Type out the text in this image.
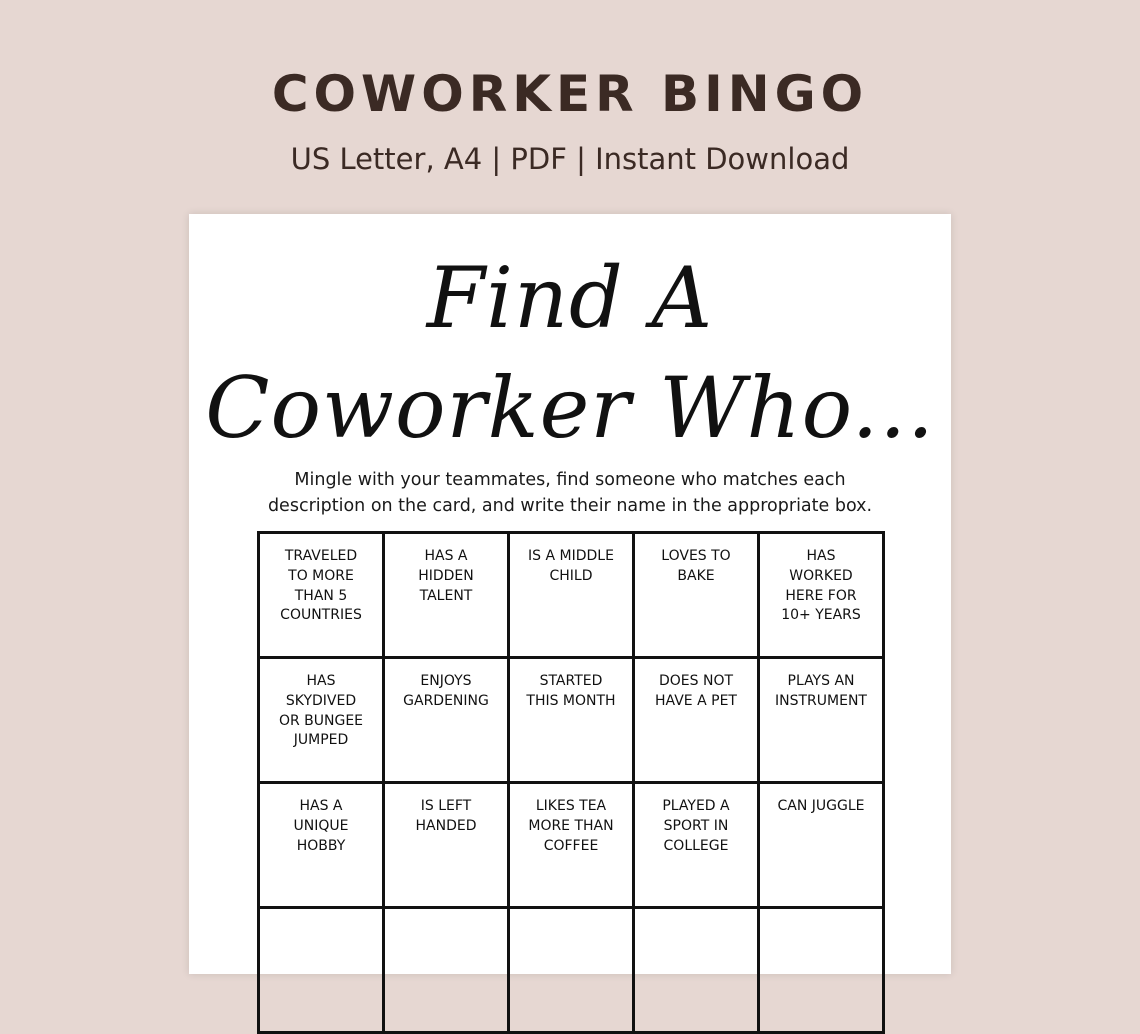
COWORKER BINGO
US Letter, A4 | PDF | Instant Download
Find A
Coworker Who...
Mingle with your teammates, find someone who matches each
description on the card, and write their name in the appropriate box.
TRAVELED
TO MORE
THAN 5
COUNTRIES
HAS A
HIDDEN
TALENT
IS A MIDDLE
CHILD
LOVES TO
BAKE
HAS
WORKED
HERE FOR
10+ YEARS
HAS
SKYDIVED
OR BUNGEE
JUMPED
ENJOYS
GARDENING
STARTED
THIS MONTH
DOES NOT
HAVE A PET
PLAYS AN
INSTRUMENT
HAS A
UNIQUE
HOBBY
IS LEFT
HANDED
LIKES TEA
MORE THAN
COFFEE
PLAYED A
SPORT IN
COLLEGE
CAN JUGGLE
